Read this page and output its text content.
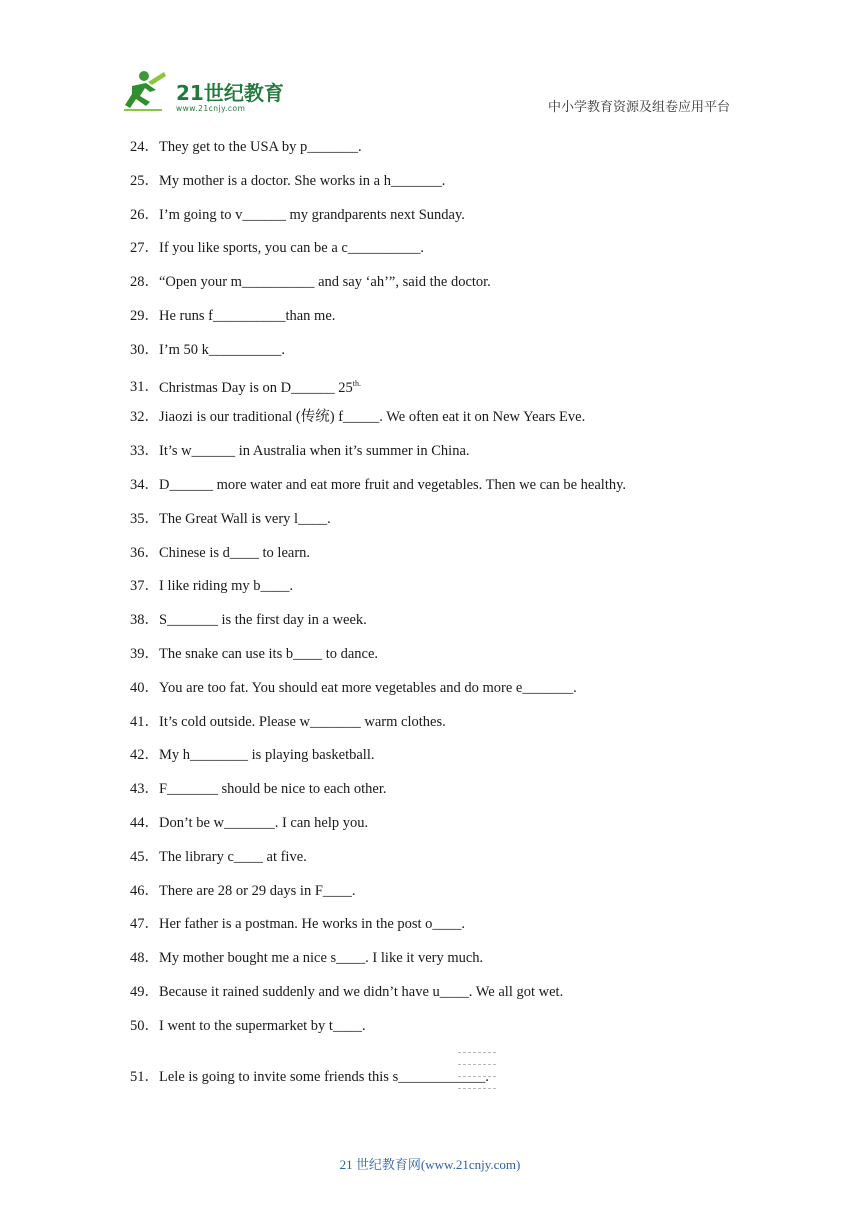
21世纪教育
www.21cnjy.com	中小学教育资源及组卷应用平台
24．They get to the USA by p_______.
25．My mother is a doctor. She works in a h_______.
26．I’m going to v______ my grandparents next Sunday.
27．If you like sports, you can be a c__________.
28．“Open your m__________ and say ‘ah’”, said the doctor.
29．He runs f__________than me.
30．I’m 50 k__________.
31．Christmas Day is on D______ $25^{th.}$
32．Jiaozi is our traditional (传统) f_____. We often eat it on New Years Eve.
33．It’s w______ in Australia when it’s summer in China.
34．D______ more water and eat more fruit and vegetables. Then we can be healthy.
35．The Great Wall is very l____.
36．Chinese is d____ to learn.
37．I like riding my b____.
38．S_______ is the first day in a week.
39．The snake can use its b____ to dance.
40．You are too fat. You should eat more vegetables and do more e_______.
41．It’s cold outside. Please w_______ warm clothes.
42．My h________ is playing basketball.
43．F_______ should be nice to each other.
44．Don’t be w_______. I can help you.
45．The library c____ at five.
46．There are 28 or 29 days in F____.
47．Her father is a postman. He works in the post o____.
48．My mother bought me a nice s____. I like it very much.
49．Because it rained suddenly and we didn’t have u____. We all got wet.
50．I went to the supermarket by t____.
51．Lele is going to invite some friends this s____________.
21 世纪教育网(www.21cnjy.com)
